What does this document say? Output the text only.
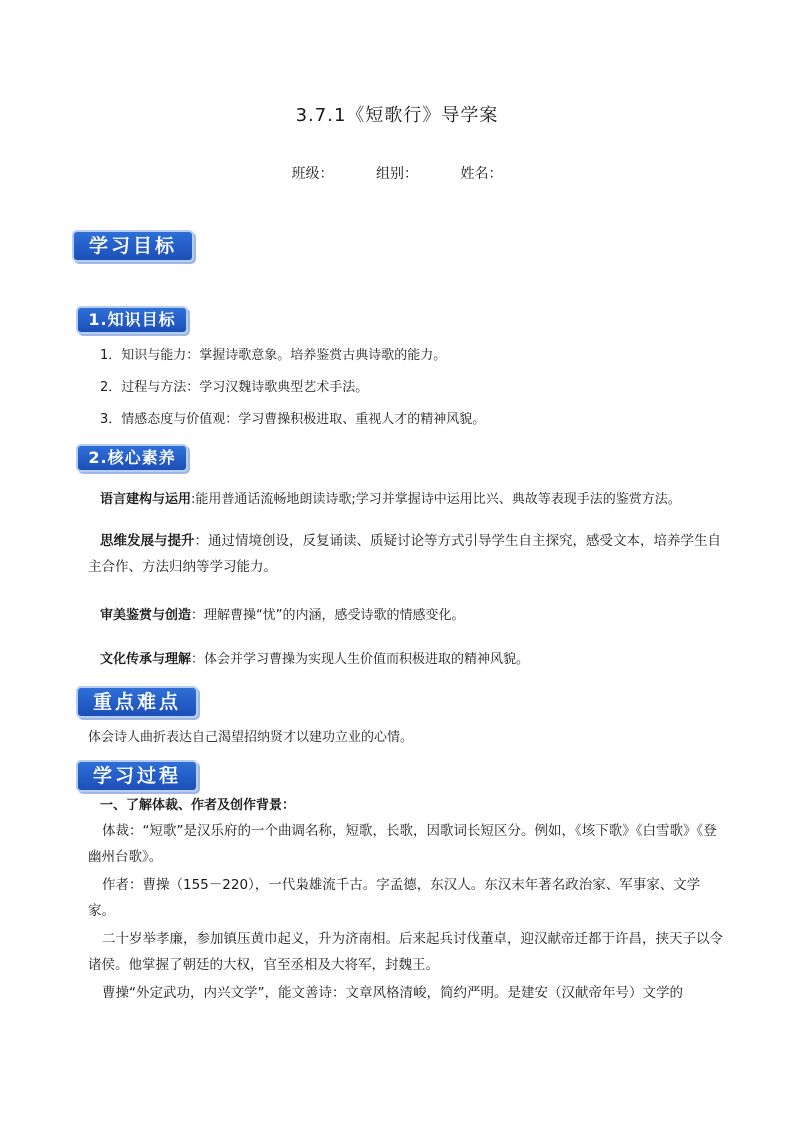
3.7.1《短歌行》导学案
班级：	组别：	姓名：
学习目标
1.知识目标
1．知识与能力：掌握诗歌意象。培养鉴赏古典诗歌的能力。
2．过程与方法：学习汉魏诗歌典型艺术手法。
3．情感态度与价值观：学习曹操积极进取、重视人才的精神风貌。
2.核心素养
语言建构与运用:能用普通话流畅地朗读诗歌;学习并掌握诗中运用比兴、典故等表现手法的鉴赏方法。
思维发展与提升：通过情境创设，反复诵读、质疑讨论等方式引导学生自主探究，感受文本，培养学生自主合作、方法归纳等学习能力。
审美鉴赏与创造：理解曹操“忧”的内涵，感受诗歌的情感变化。
文化传承与理解：体会并学习曹操为实现人生价值而积极进取的精神风貌。
重点难点
体会诗人曲折表达自己渴望招纳贤才以建功立业的心情。
学习过程
一、了解体裁、作者及创作背景：
体裁：“短歌”是汉乐府的一个曲调名称，短歌，长歌，因歌词长短区分。例如，《垓下歌》《白雪歌》《登幽州台歌》。
作者：曹操（155－220），一代枭雄流千古。字孟德，东汉人。东汉末年著名政治家、军事家、文学家。
二十岁举孝廉，参加镇压黄巾起义，升为济南相。后来起兵讨伐董卓，迎汉献帝迁都于许昌，挟天子以令诸侯。他掌握了朝廷的大权，官至丞相及大将军，封魏王。
曹操“外定武功，内兴文学”，能文善诗：文章风格清峻，简约严明。是建安（汉献帝年号）文学的
